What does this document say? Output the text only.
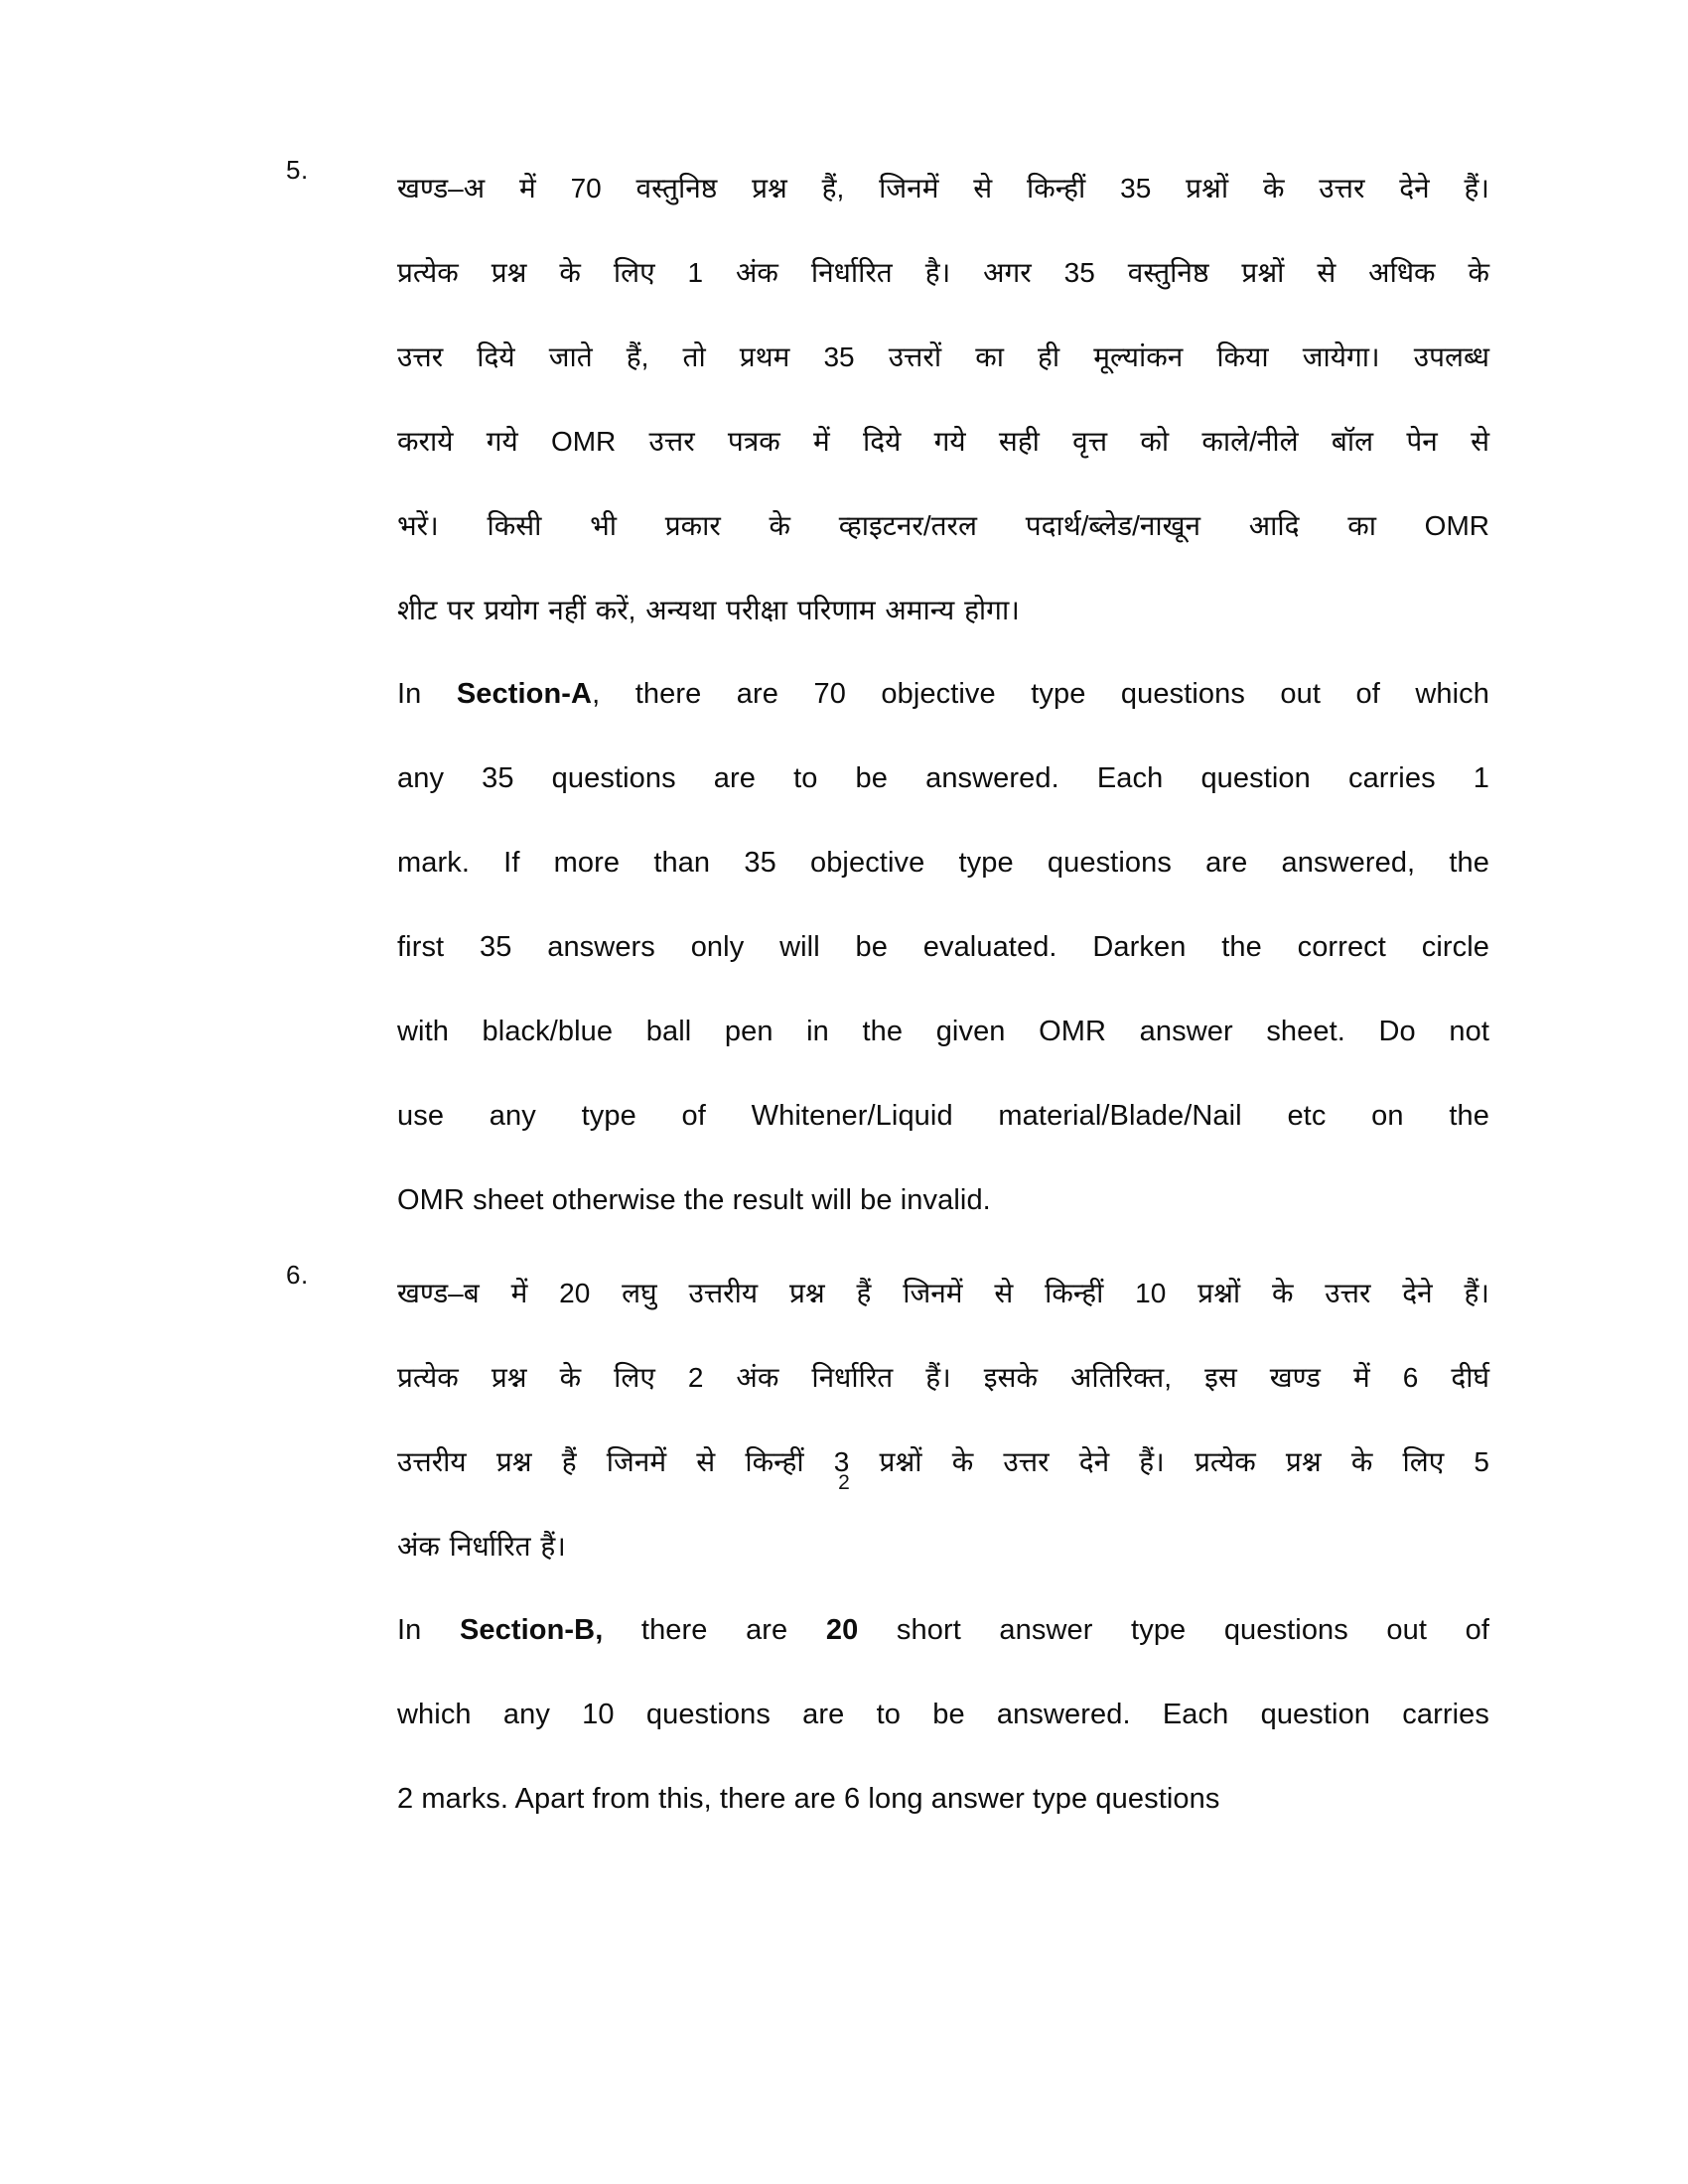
5.

खण्ड–अ में 70 वस्तुनिष्ठ प्रश्न हैं, जिनमें से किन्हीं 35 प्रश्नों के उत्तर देने हैं।

प्रत्येक प्रश्न के लिए 1 अंक निर्धारित है। अगर 35 वस्तुनिष्ठ प्रश्नों से अधिक के

उत्तर दिये जाते हैं, तो प्रथम 35 उत्तरों का ही मूल्यांकन किया जायेगा। उपलब्ध

कराये गये OMR उत्तर पत्रक में दिये गये सही वृत्त को काले/नीले बॉल पेन से

भरें। किसी भी प्रकार के व्हाइटनर/तरल पदार्थ/ब्लेड/नाखून आदि का OMR

शीट पर प्रयोग नहीं करें, अन्यथा परीक्षा परिणाम अमान्य होगा।

In Section-A, there are 70 objective type questions out of which

any 35 questions are to be answered. Each question carries 1

mark. If more than 35 objective type questions are answered, the

first 35 answers only will be evaluated. Darken the correct circle

with black/blue ball pen in the given OMR answer sheet. Do not

use any type of Whitener/Liquid material/Blade/Nail etc on the

OMR sheet otherwise the result will be invalid.

6.

खण्ड–ब में 20 लघु उत्तरीय प्रश्न हैं जिनमें से किन्हीं 10 प्रश्नों के उत्तर देने हैं।

प्रत्येक प्रश्न के लिए 2 अंक निर्धारित हैं। इसके अतिरिक्त, इस खण्ड में 6 दीर्घ

उत्तरीय प्रश्न हैं जिनमें से किन्हीं 3 प्रश्नों के उत्तर देने हैं। प्रत्येक प्रश्न के लिए 5

अंक निर्धारित हैं।

In Section-B, there are 20 short answer type questions out of

which any 10 questions are to be answered. Each question carries

2 marks. Apart from this, there are 6 long answer type questions

2
